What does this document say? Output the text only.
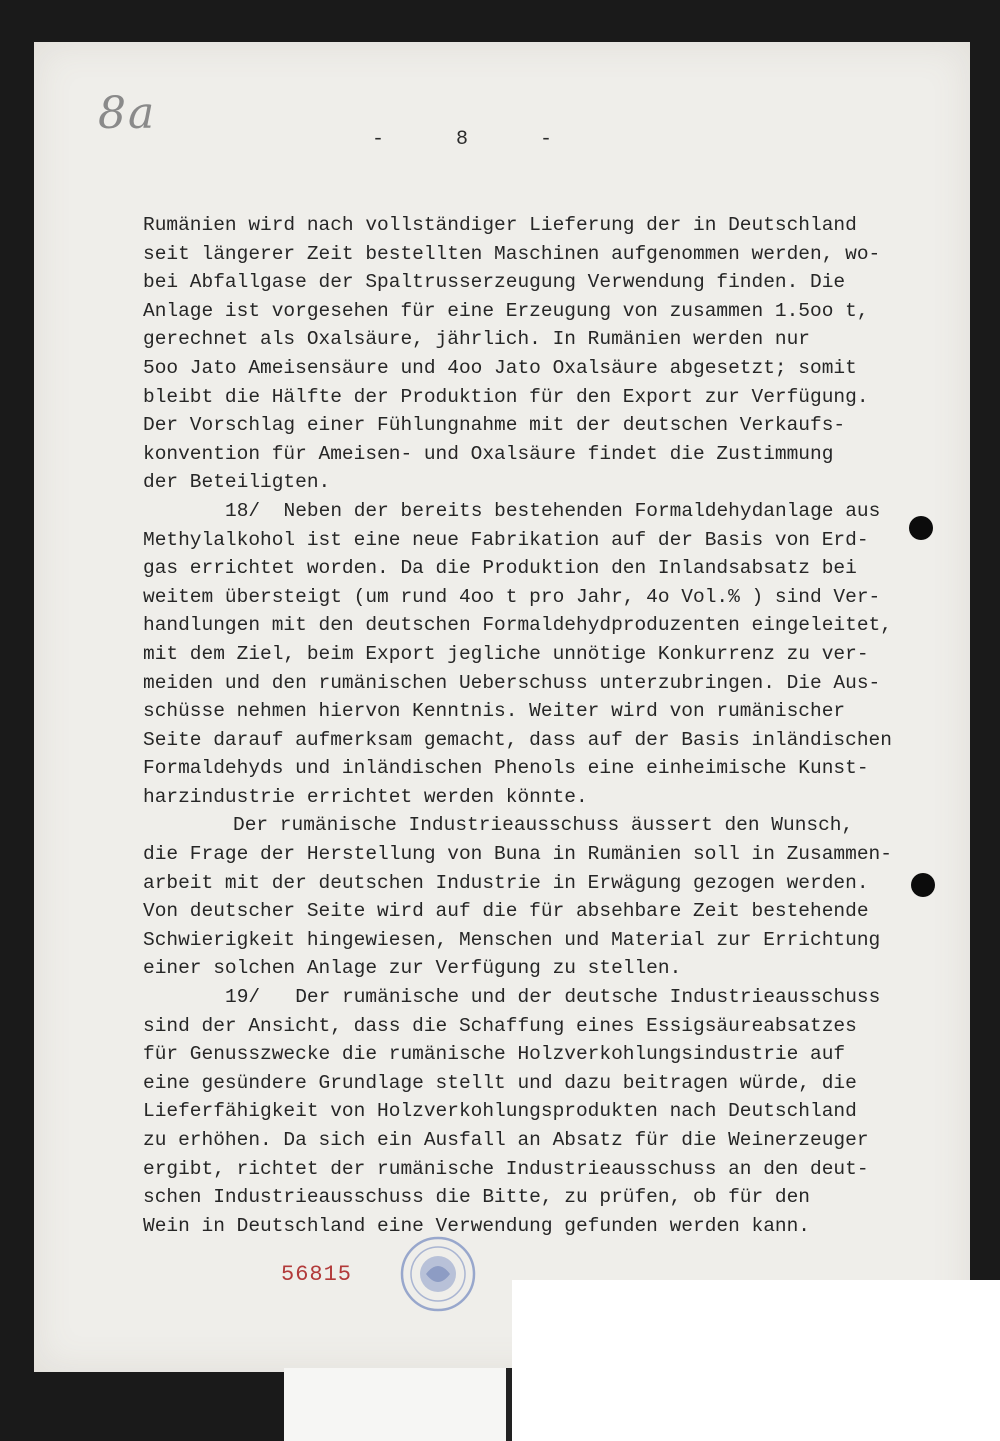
8a
-	8	-
Rumänien wird nach vollständiger Lieferung der in Deutschland
seit längerer Zeit bestellten Maschinen aufgenommen werden, wo-
bei Abfallgase der Spaltrusserzeugung Verwendung finden. Die
Anlage ist vorgesehen für eine Erzeugung von zusammen 1.5oo t,
gerechnet als Oxalsäure, jährlich. In Rumänien werden nur
5oo Jato Ameisensäure und 4oo Jato Oxalsäure abgesetzt; somit
bleibt die Hälfte der Produktion für den Export zur Verfügung.
Der Vorschlag einer Fühlungnahme mit der deutschen Verkaufs-
konvention für Ameisen- und Oxalsäure findet die Zustimmung
der Beteiligten.
18/  Neben der bereits bestehenden Formaldehydanlage aus
Methylalkohol ist eine neue Fabrikation auf der Basis von Erd-
gas errichtet worden. Da die Produktion den Inlandsabsatz bei
weitem übersteigt (um rund 4oo t pro Jahr, 4o Vol.% ) sind Ver-
handlungen mit den deutschen Formaldehydproduzenten eingeleitet,
mit dem Ziel, beim Export jegliche unnötige Konkurrenz zu ver-
meiden und den rumänischen Ueberschuss unterzubringen. Die Aus-
schüsse nehmen hiervon Kenntnis. Weiter wird von rumänischer
Seite darauf aufmerksam gemacht, dass auf der Basis inländischen
Formaldehyds und inländischen Phenols eine einheimische Kunst-
harzindustrie errichtet werden könnte.
Der rumänische Industrieausschuss äussert den Wunsch,
die Frage der Herstellung von Buna in Rumänien soll in Zusammen-
arbeit mit der deutschen Industrie in Erwägung gezogen werden.
Von deutscher Seite wird auf die für absehbare Zeit bestehende
Schwierigkeit hingewiesen, Menschen und Material zur Errichtung
einer solchen Anlage zur Verfügung zu stellen.
19/   Der rumänische und der deutsche Industrieausschuss
sind der Ansicht, dass die Schaffung eines Essigsäureabsatzes
für Genusszwecke die rumänische Holzverkohlungsindustrie auf
eine gesündere Grundlage stellt und dazu beitragen würde, die
Lieferfähigkeit von Holzverkohlungsprodukten nach Deutschland
zu erhöhen. Da sich ein Ausfall an Absatz für die Weinerzeuger
ergibt, richtet der rumänische Industrieausschuss an den deut-
schen Industrieausschuss die Bitte, zu prüfen, ob für den
Wein in Deutschland eine Verwendung gefunden werden kann.
56815
